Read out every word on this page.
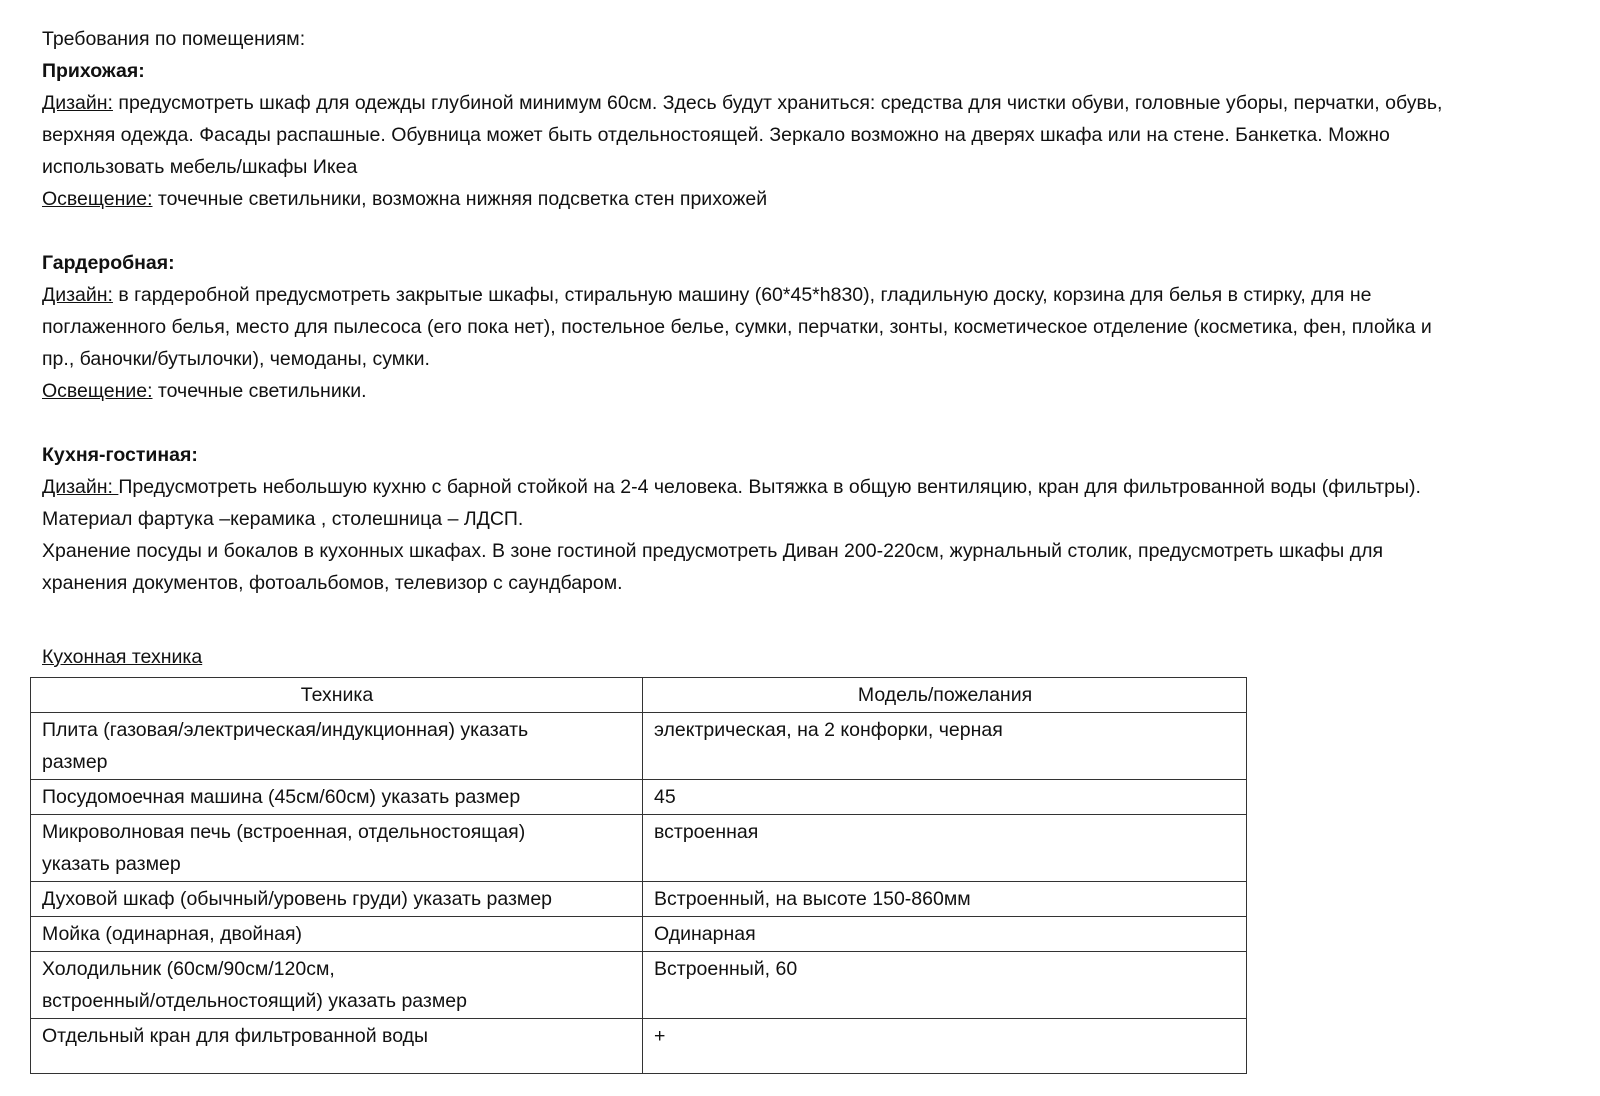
Требования по помещениям:

Прихожая:

Дизайн: предусмотреть шкаф для одежды глубиной минимум 60см. Здесь будут храниться: средства для чистки обуви, головные уборы, перчатки, обувь,

верхняя одежда. Фасады распашные. Обувница может быть отдельностоящей. Зеркало возможно на дверях шкафа или на стене. Банкетка. Можно

использовать мебель/шкафы Икеа

Освещение: точечные светильники, возможна нижняя подсветка стен прихожей

Гардеробная:

Дизайн: в гардеробной предусмотреть закрытые шкафы, стиральную машину (60*45*h830), гладильную доску, корзина для белья в стирку, для не

поглаженного белья, место для пылесоса (его пока нет), постельное белье, сумки, перчатки, зонты, косметическое отделение (косметика, фен, плойка и

пр., баночки/бутылочки), чемоданы, сумки.

Освещение: точечные светильники.

Кухня-гостиная:

Дизайн: Предусмотреть небольшую кухню с барной стойкой на 2-4 человека. Вытяжка в общую вентиляцию, кран для фильтрованной воды (фильтры).

Материал фартука –керамика , столешница – ЛДСП.

Хранение посуды и бокалов в кухонных шкафах. В зоне гостиной предусмотреть Диван 200-220см, журнальный столик, предусмотреть шкафы для

хранения документов, фотоальбомов, телевизор с саундбаром.

Кухонная техника

Техника	Модель/пожелания

Плита (газовая/электрическая/индукционная) указать
размер	электрическая, на 2 конфорки, черная

Посудомоечная машина (45см/60см) указать размер	45

Микроволновая печь (встроенная, отдельностоящая)
указать размер	встроенная

Духовой шкаф (обычный/уровень груди) указать размер	Встроенный, на высоте 150-860мм

Мойка (одинарная, двойная)	Одинарная

Холодильник (60см/90см/120см,
встроенный/отдельностоящий) указать размер	Встроенный, 60

Отдельный кран для фильтрованной воды	+
